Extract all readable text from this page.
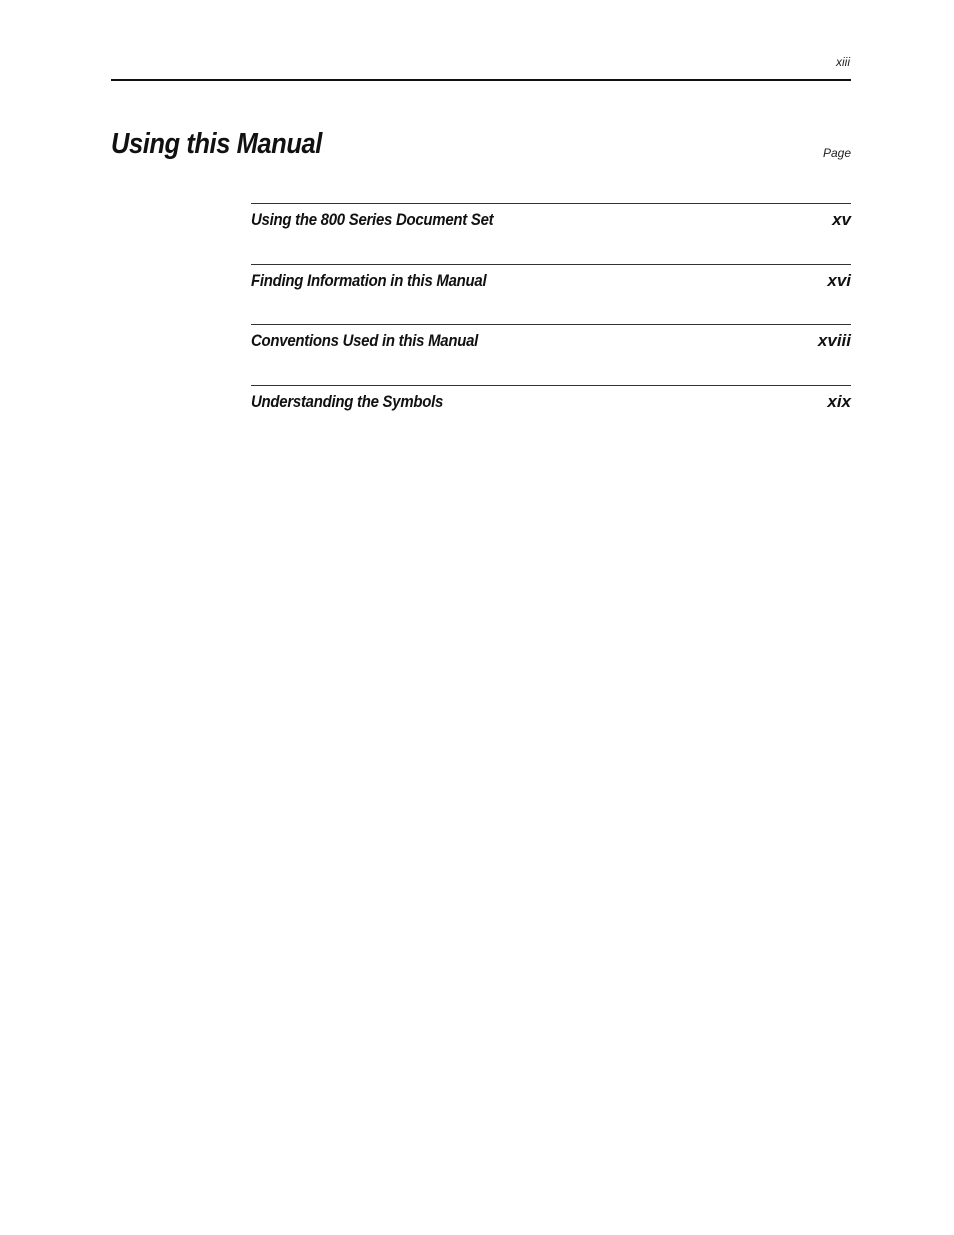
xiii
Using this Manual	Page
Using the 800 Series Document Set	xv
Finding Information in this Manual	xvi
Conventions Used in this Manual	xviii
Understanding the Symbols	xix
